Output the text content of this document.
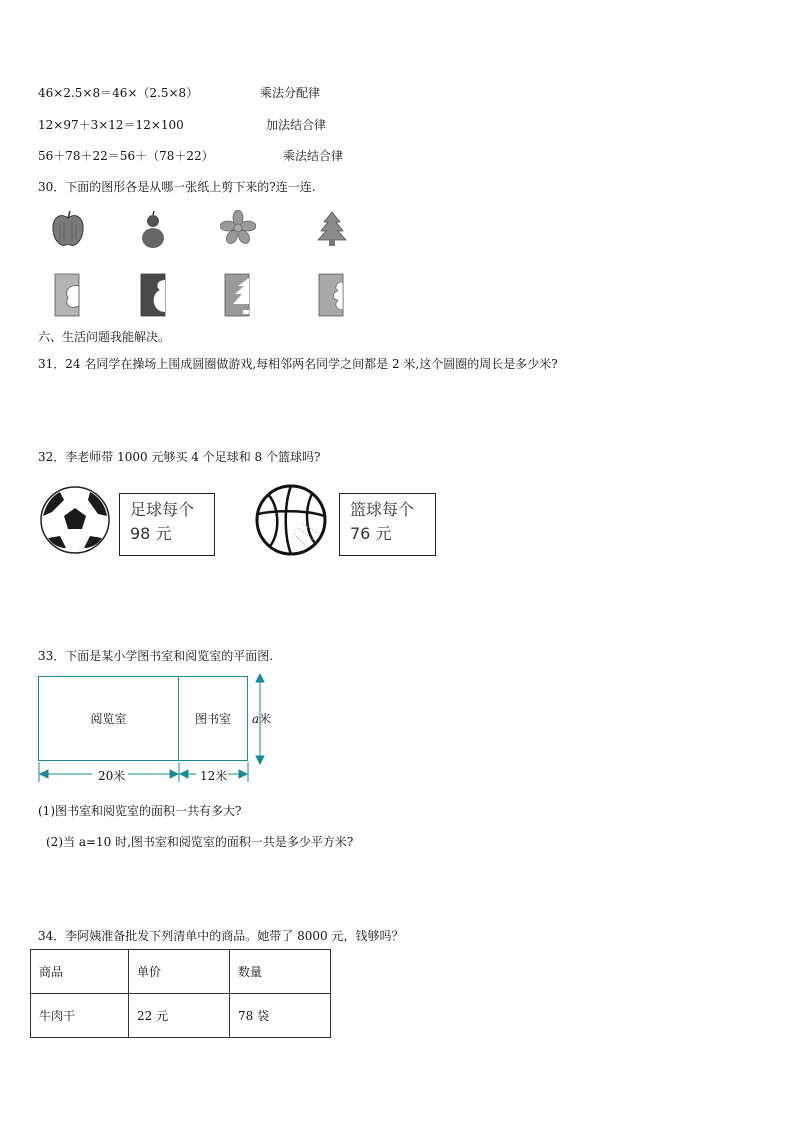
46×2.5×8＝46×（2.5×8）	乘法分配律
12×97＋3×12＝12×100	加法结合律
56＋78＋22＝56＋（78＋22）	乘法结合律
30．下面的图形各是从哪一张纸上剪下来的?连一连.
六、生活问题我能解决。
31．24 名同学在操场上围成圆圈做游戏,每相邻两名同学之间都是 2 米,这个圆圈的周长是多少米?
32．李老师带 1000 元够买 4 个足球和 8 个篮球吗?
足球每个
98 元
篮球每个
76 元
33．下面是某小学图书室和阅览室的平面图.
阅览室	图书室
20米	12米
a米
(1)图书室和阅览室的面积一共有多大?
(2)当 a=10 时,图书室和阅览室的面积一共是多少平方米?
34．李阿姨准备批发下列清单中的商品。她带了 8000 元，钱够吗？
商品	单价	数量
牛肉干	22 元	78 袋
